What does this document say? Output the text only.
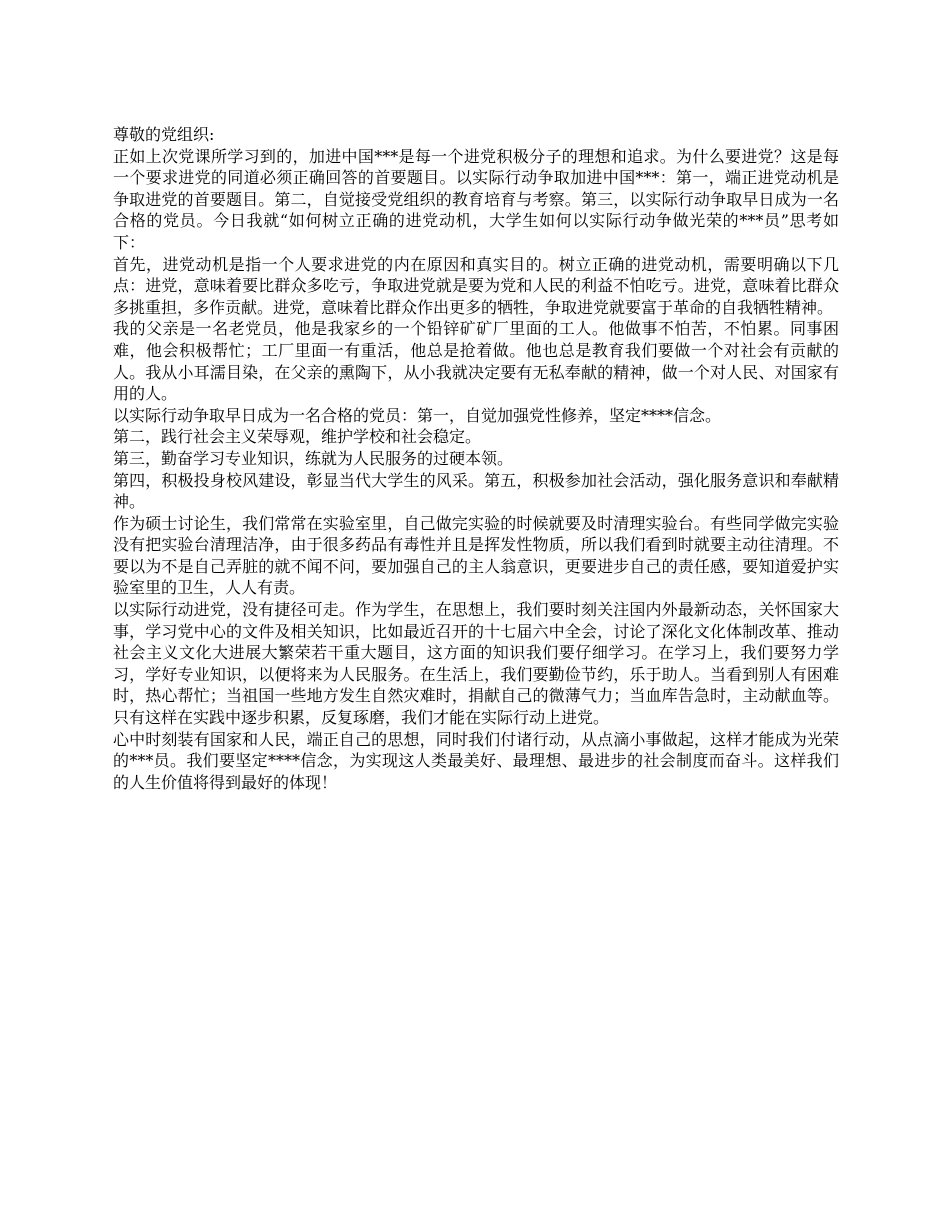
尊敬的党组织:

正如上次党课所学习到的，加进中国***是每一个进党积极分子的理想和追求。为什么要进党？这是每一个要求进党的同道必须正确回答的首要题目。以实际行动争取加进中国***：第一，端正进党动机是争取进党的首要题目。第二，自觉接受党组织的教育培育与考察。第三，以实际行动争取早日成为一名合格的党员。今日我就“如何树立正确的进党动机，大学生如何以实际行动争做光荣的***员”思考如下：

首先，进党动机是指一个人要求进党的内在原因和真实目的。树立正确的进党动机，需要明确以下几点：进党，意味着要比群众多吃亏，争取进党就是要为党和人民的利益不怕吃亏。进党，意味着比群众多挑重担，多作贡献。进党，意味着比群众作出更多的牺牲，争取进党就要富于革命的自我牺牲精神。

我的父亲是一名老党员，他是我家乡的一个铅锌矿矿厂里面的工人。他做事不怕苦，不怕累。同事困难，他会积极帮忙；工厂里面一有重活，他总是抢着做。他也总是教育我们要做一个对社会有贡献的人。我从小耳濡目染，在父亲的熏陶下，从小我就决定要有无私奉献的精神，做一个对人民、对国家有用的人。

以实际行动争取早日成为一名合格的党员：第一，自觉加强党性修养，坚定****信念。

第二，践行社会主义荣辱观，维护学校和社会稳定。

第三，勤奋学习专业知识，练就为人民服务的过硬本领。

第四，积极投身校风建设，彰显当代大学生的风采。第五，积极参加社会活动，强化服务意识和奉献精神。

作为硕士讨论生，我们常常在实验室里，自己做完实验的时候就要及时清理实验台。有些同学做完实验没有把实验台清理洁净，由于很多药品有毒性并且是挥发性物质，所以我们看到时就要主动往清理。不要以为不是自己弄脏的就不闻不问，要加强自己的主人翁意识，更要进步自己的责任感，要知道爱护实验室里的卫生，人人有责。

以实际行动进党，没有捷径可走。作为学生，在思想上，我们要时刻关注国内外最新动态，关怀国家大事，学习党中心的文件及相关知识，比如最近召开的十七届六中全会，讨论了深化文化体制改革、推动社会主义文化大进展大繁荣若干重大题目，这方面的知识我们要仔细学习。在学习上，我们要努力学习，学好专业知识，以便将来为人民服务。在生活上，我们要勤俭节约，乐于助人。当看到别人有困难时，热心帮忙；当祖国一些地方发生自然灾难时，捐献自己的微薄气力；当血库告急时，主动献血等。只有这样在实践中逐步积累，反复琢磨，我们才能在实际行动上进党。

心中时刻装有国家和人民，端正自己的思想，同时我们付诸行动，从点滴小事做起，这样才能成为光荣的***员。我们要坚定****信念，为实现这人类最美好、最理想、最进步的社会制度而奋斗。这样我们的人生价值将得到最好的体现！
